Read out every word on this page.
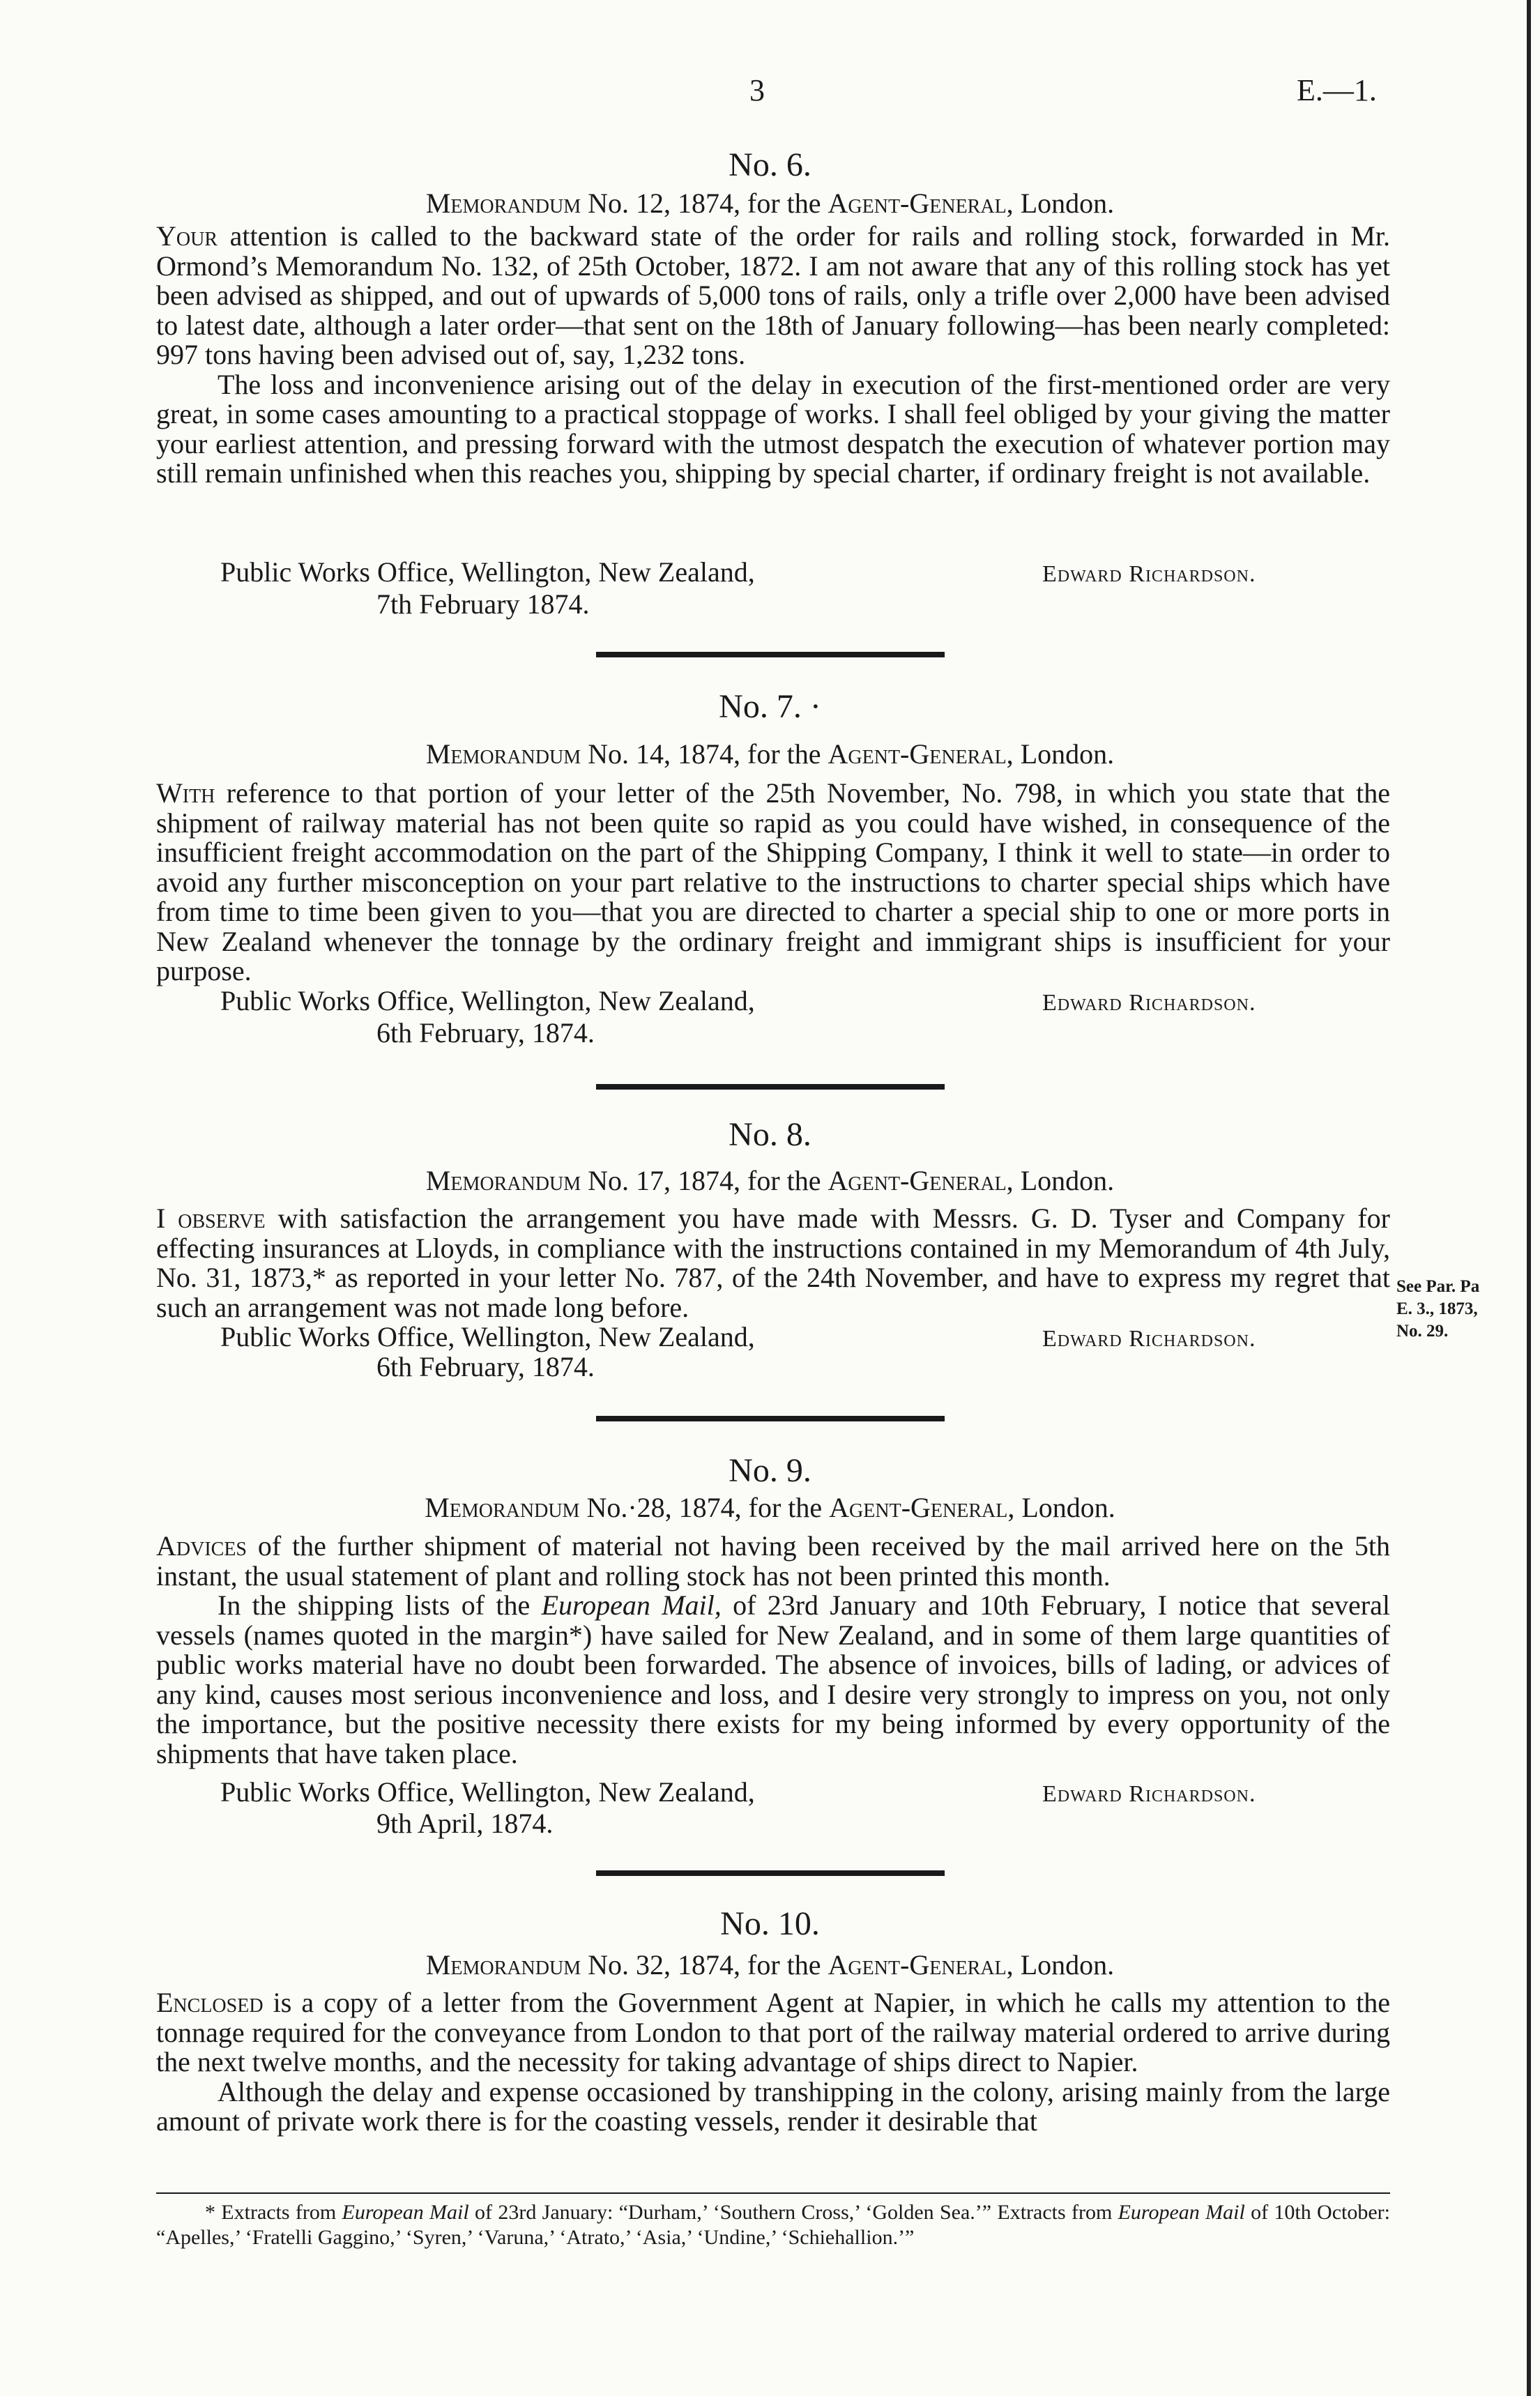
3	E.—1.
No. 6.
Memorandum No. 12, 1874, for the Agent-General, London.

Your attention is called to the backward state of the order for rails and rolling stock, forwarded in Mr. Ormond’s Memorandum No. 132, of 25th October, 1872. I am not aware that any of this rolling stock has yet been advised as shipped, and out of upwards of 5,000 tons of rails, only a trifle over 2,000 have been advised to latest date, although a later order—that sent on the 18th of January following—has been nearly completed: 997 tons having been advised out of, say, 1,232 tons.

The loss and inconvenience arising out of the delay in execution of the first-mentioned order are very great, in some cases amounting to a practical stoppage of works. I shall feel obliged by your giving the matter your earliest attention, and pressing forward with the utmost despatch the execution of whatever portion may still remain unfinished when this reaches you, shipping by special charter, if ordinary freight is not available.

Public Works Office, Wellington, New Zealand,	Edward Richardson.
7th February 1874.
No. 7. ·
Memorandum No. 14, 1874, for the Agent-General, London.

With reference to that portion of your letter of the 25th November, No. 798, in which you state that the shipment of railway material has not been quite so rapid as you could have wished, in consequence of the insufficient freight accommodation on the part of the Shipping Company, I think it well to state—in order to avoid any further misconception on your part relative to the instructions to charter special ships which have from time to time been given to you—that you are directed to charter a special ship to one or more ports in New Zealand whenever the tonnage by the ordinary freight and immigrant ships is insufficient for your purpose.

Public Works Office, Wellington, New Zealand,	Edward Richardson.
6th February, 1874.
No. 8.
Memorandum No. 17, 1874, for the Agent-General, London.

I observe with satisfaction the arrangement you have made with Messrs. G. D. Tyser and Company for effecting insurances at Lloyds, in compliance with the instructions contained in my Memorandum of 4th July, No. 31, 1873,* as reported in your letter No. 787, of the 24th November, and have to express my regret that such an arrangement was not made long before.

See Par. Pa
E. 3., 1873,
No. 29.
Public Works Office, Wellington, New Zealand,	Edward Richardson.
6th February, 1874.
No. 9.
Memorandum No.·28, 1874, for the Agent-General, London.

Advices of the further shipment of material not having been received by the mail arrived here on the 5th instant, the usual statement of plant and rolling stock has not been printed this month.

In the shipping lists of the European Mail, of 23rd January and 10th February, I notice that several vessels (names quoted in the margin*) have sailed for New Zealand, and in some of them large quantities of public works material have no doubt been forwarded. The absence of invoices, bills of lading, or advices of any kind, causes most serious inconvenience and loss, and I desire very strongly to impress on you, not only the importance, but the positive necessity there exists for my being informed by every opportunity of the shipments that have taken place.

Public Works Office, Wellington, New Zealand,	Edward Richardson.
9th April, 1874.
No. 10.
Memorandum No. 32, 1874, for the Agent-General, London.

Enclosed is a copy of a letter from the Government Agent at Napier, in which he calls my attention to the tonnage required for the conveyance from London to that port of the railway material ordered to arrive during the next twelve months, and the necessity for taking advantage of ships direct to Napier.

Although the delay and expense occasioned by transhipping in the colony, arising mainly from the large amount of private work there is for the coasting vessels, render it desirable that

* Extracts from European Mail of 23rd January: “Durham,’ ‘Southern Cross,’ ‘Golden Sea.’” Extracts from European Mail of 10th October: “Apelles,’ ‘Fratelli Gaggino,’ ‘Syren,’ ‘Varuna,’ ‘Atrato,’ ‘Asia,’ ‘Undine,’ ‘Schiehallion.’”
